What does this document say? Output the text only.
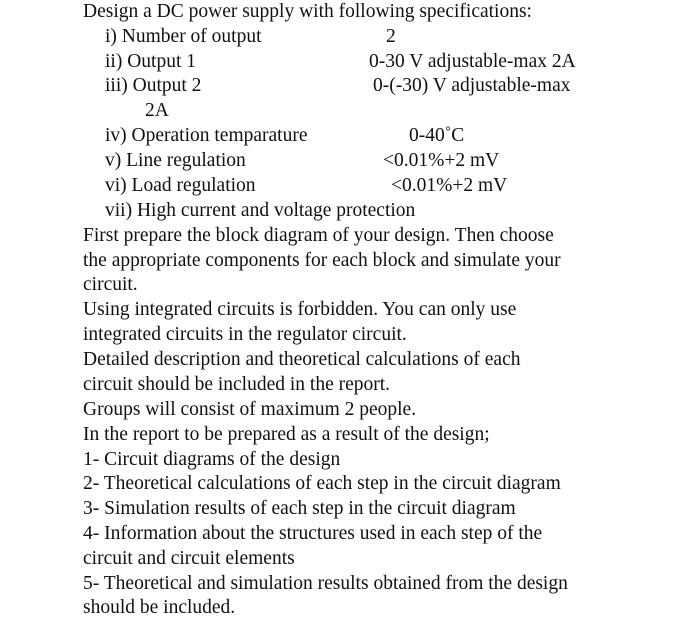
Design a DC power supply with following specifications:
i) Number of output	2
ii) Output 1	0-30 V adjustable-max 2A
iii) Output 2	0-(-30) V adjustable-max
2A
iv) Operation temparature	0-40˚C
v) Line regulation	<0.01%+2 mV
vi) Load regulation	<0.01%+2 mV
vii) High current and voltage protection
First prepare the block diagram of your design. Then choose
the appropriate components for each block and simulate your
circuit.
Using integrated circuits is forbidden. You can only use
integrated circuits in the regulator circuit.
Detailed description and theoretical calculations of each
circuit should be included in the report.
Groups will consist of maximum 2 people.
In the report to be prepared as a result of the design;
1- Circuit diagrams of the design
2- Theoretical calculations of each step in the circuit diagram
3- Simulation results of each step in the circuit diagram
4- Information about the structures used in each step of the
circuit and circuit elements
5- Theoretical and simulation results obtained from the design
should be included.
